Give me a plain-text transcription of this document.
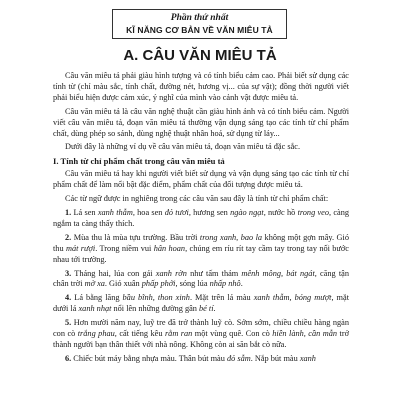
Phần thứ nhất
KĨ NĂNG CƠ BẢN VỀ VĂN MIÊU TẢ
A. CÂU VĂN MIÊU TẢ

Câu văn miêu tả phải giàu hình tượng và có tính biểu cảm cao. Phải biết sử dụng các tính từ (chỉ màu sắc, tính chất, đường nét, hương vị... của sự vật); đồng thời người viết phải biểu hiện được cảm xúc, ý nghĩ của mình vào cảnh vật được miêu tả.

Câu văn miêu tả là câu văn nghệ thuật cần giàu hình ảnh và có tính biểu cảm. Người viết câu văn miêu tả, đoạn văn miêu tả thường vận dụng sáng tạo các tính từ chỉ phẩm chất, dùng phép so sánh, dùng nghệ thuật nhân hoá, sử dụng từ láy...

Dưới đây là những ví dụ về câu văn miêu tả, đoạn văn miêu tả đặc sắc.

I. Tính từ chỉ phẩm chất trong câu văn miêu tả

Câu văn miêu tả hay khi người viết biết sử dụng và vận dụng sáng tạo các tính từ chỉ phẩm chất để làm nổi bật đặc điểm, phẩm chất của đối tượng được miêu tả.

Các từ ngữ được in nghiêng trong các câu văn sau đây là tính từ chỉ phẩm chất:

1. Lá sen xanh thẫm, hoa sen đỏ tươi, hương sen ngào ngạt, nước hồ trong veo, càng ngắm ta càng thấy thích.

2. Mùa thu là mùa tựu trường. Bầu trời trong xanh, bao la không một gợn mây. Gió thu mát rượi. Trong niềm vui hân hoan, chúng em ríu rít tay cầm tay trong tay nối bước nhau tới trường.

3. Tháng hai, lúa con gái xanh rờn như tấm thảm mênh mông, bát ngát, căng tận chân trời mờ xa. Gió xuân phấp phới, sóng lúa nhấp nhô.

4. Lá bằng lăng bầu bĩnh, thon xinh. Mặt trên lá màu xanh thẫm, bóng mượt, mặt dưới lá xanh nhạt nổi lên những đường gân bé tí.

5. Hơn mười năm nay, luỹ tre đã trở thành luỹ cò. Sớm sớm, chiều chiều hàng ngàn con cò trắng phau, cất tiếng kêu rằm ran một vùng quê. Con cò hiền lành, cần mẫn trở thành người bạn thân thiết với nhà nông. Không còn ai săn bắt cò nữa.

6. Chiếc bút máy bằng nhựa màu. Thân bút màu đỏ sẫm. Nắp bút màu xanh
